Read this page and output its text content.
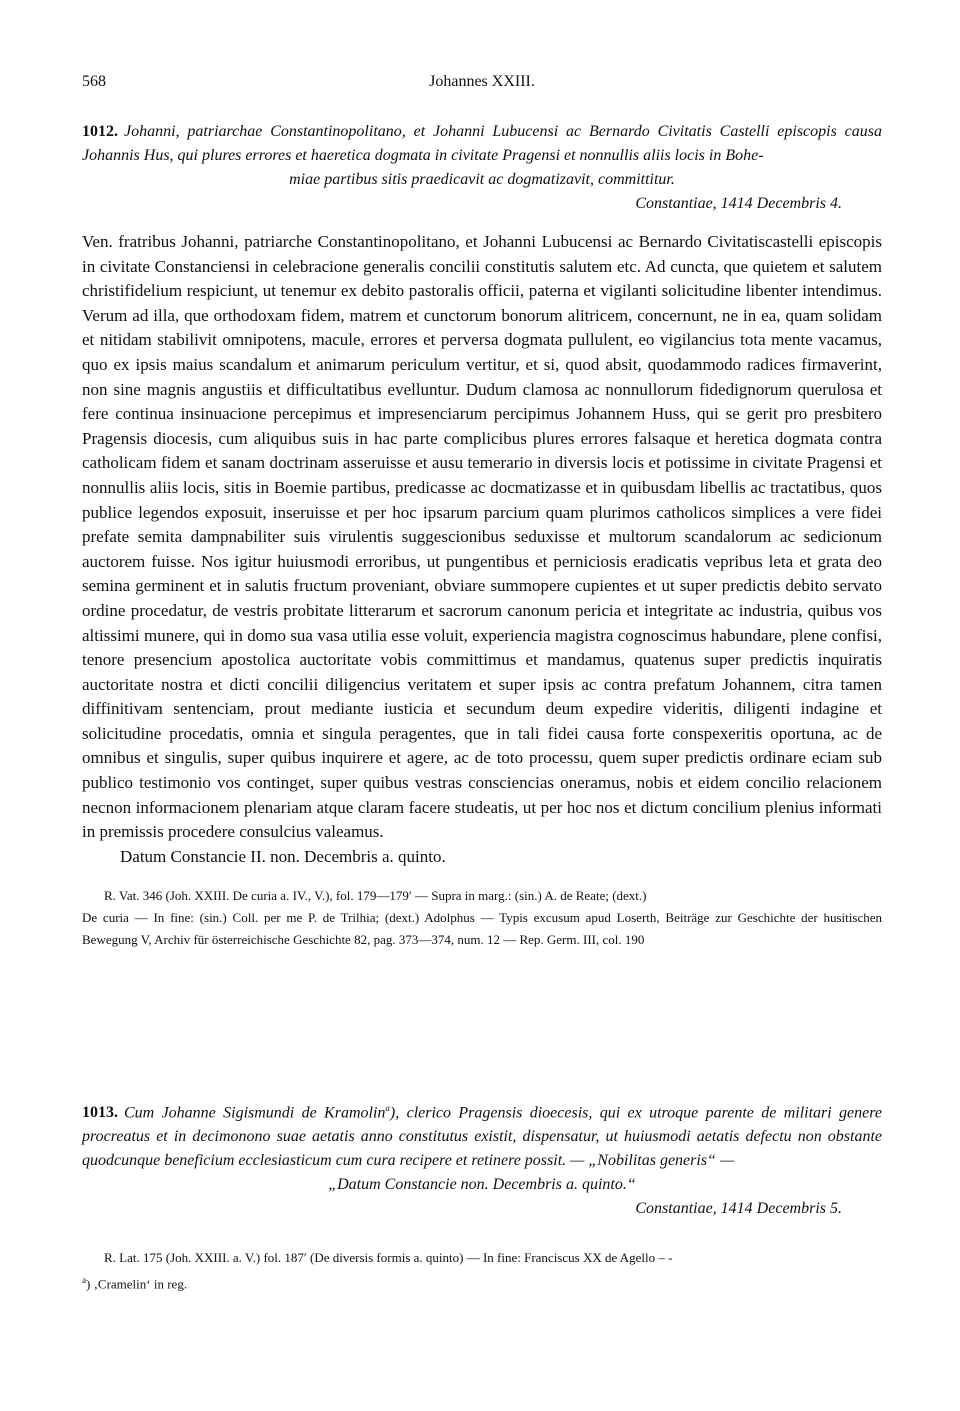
568	Johannes XXIII.
1012. Johanni, patriarchae Constantinopolitano, et Johanni Lubucensi ac Bernardo Civitatis Castelli episcopis causa Johannis Hus, qui plures errores et haeretica dogmata in civitate Pragensi et nonnullis aliis locis in Bohe-
miae partibus sitis praedicavit ac dogmatizavit, committitur.
Constantiae, 1414 Decembris 4.
Ven. fratribus Johanni, patriarche Constantinopolitano, et Johanni Lubucensi ac Bernardo Civitatiscastelli episcopis in civitate Constanciensi in celebracione generalis concilii constitutis salutem etc. Ad cuncta, que quietem et salutem christifidelium respiciunt, ut tenemur ex debito pastoralis officii, paterna et vigilanti solicitudine libenter intendimus. Verum ad illa, que orthodoxam fidem, matrem et cunctorum bonorum alitricem, concernunt, ne in ea, quam solidam et nitidam stabilivit omnipotens, macule, errores et perversa dogmata pullulent, eo vigilancius tota mente vacamus, quo ex ipsis maius scandalum et animarum periculum vertitur, et si, quod absit, quodammodo radices firmaverint, non sine magnis angustiis et difficultatibus evelluntur. Dudum clamosa ac nonnullorum fidedignorum querulosa et fere continua insinuacione percepimus et impresenciarum percipimus Johannem Huss, qui se gerit pro presbitero Pragensis diocesis, cum aliquibus suis in hac parte complicibus plures errores falsaque et heretica dogmata contra catholicam fidem et sanam doctrinam asseruisse et ausu temerario in diversis locis et potissime in civitate Pragensi et nonnullis aliis locis, sitis in Boemie partibus, predicasse ac docmatizasse et in quibusdam libellis ac tractatibus, quos publice legendos exposuit, inseruisse et per hoc ipsarum parcium quam plurimos catholicos simplices a vere fidei prefate semita dampnabiliter suis virulentis suggescionibus seduxisse et multorum scandalorum ac sedicionum auctorem fuisse. Nos igitur huiusmodi erroribus, ut pungentibus et perniciosis eradicatis vepribus leta et grata deo semina germinent et in salutis fructum proveniant, obviare summopere cupientes et ut super predictis debito servato ordine procedatur, de vestris probitate litterarum et sacrorum canonum pericia et integritate ac industria, quibus vos altissimi munere, qui in domo sua vasa utilia esse voluit, experiencia magistra cognoscimus habundare, plene confisi, tenore presencium apostolica auctoritate vobis committimus et mandamus, quatenus super predictis inquiratis auctoritate nostra et dicti concilii diligencius veritatem et super ipsis ac contra prefatum Johannem, citra tamen diffinitivam sentenciam, prout mediante iusticia et secundum deum expedire videritis, diligenti indagine et solicitudine procedatis, omnia et singula peragentes, que in tali fidei causa forte conspexeritis oportuna, ac de omnibus et singulis, super quibus inquirere et agere, ac de toto processu, quem super predictis ordinare eciam sub publico testimonio vos continget, super quibus vestras consciencias oneramus, nobis et eidem concilio relacionem necnon informacionem plenariam atque claram facere studeatis, ut per hoc nos et dictum concilium plenius informati in premissis procedere consulcius valeamus.
Datum Constancie II. non. Decembris a. quinto.
R. Vat. 346 (Joh. XXIII. De curia a. IV., V.), fol. 179—179′ — Supra in marg.: (sin.) A. de Reate; (dext.)
De curia — In fine: (sin.) Coll. per me P. de Trilhia; (dext.) Adolphus — Typis excusum apud Loserth, Beiträge zur Geschichte der husitischen Bewegung V, Archiv für österreichische Geschichte 82, pag. 373—374, num. 12 — Rep. Germ. III, col. 190
1013. Cum Johanne Sigismundi de Kramolin$^a$), clerico Pragensis dioecesis, qui ex utroque parente de militari genere procreatus et in decimonono suae aetatis anno constitutus existit, dispensatur, ut huiusmodi aetatis defectu non obstante quodcunque beneficium ecclesiasticum cum cura recipere et retinere possit. — „Nobilitas generis“ —
„Datum Constancie non. Decembris a. quinto.“
Constantiae, 1414 Decembris 5.
R. Lat. 175 (Joh. XXIII. a. V.) fol. 187′ (De diversis formis a. quinto) — In fine: Franciscus XX de Agello – -
$^a$) ‚Cramelin‘ in reg.
